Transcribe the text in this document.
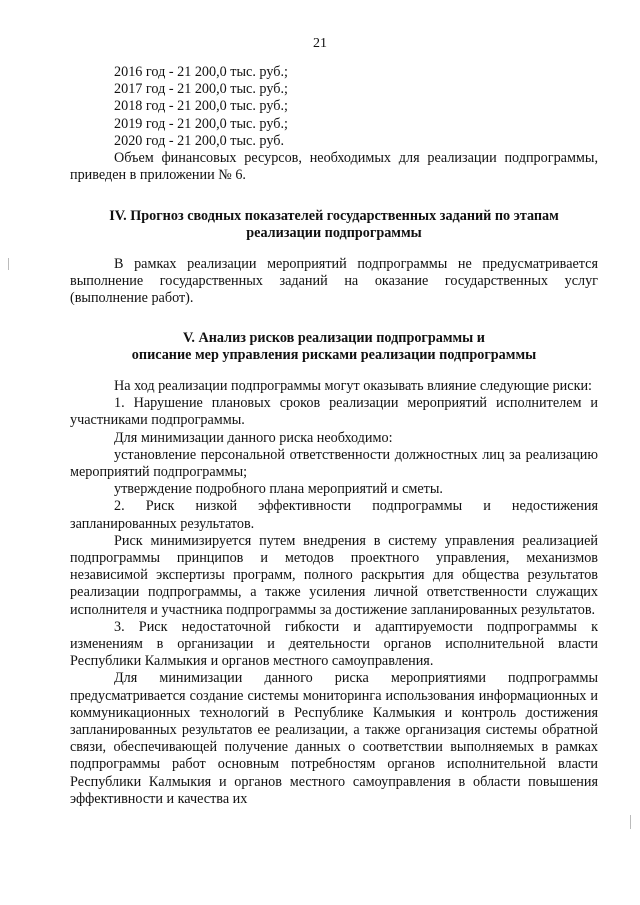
21
2016 год - 21 200,0 тыс. руб.;
2017 год - 21 200,0 тыс. руб.;
2018 год - 21 200,0 тыс. руб.;
2019 год - 21 200,0 тыс. руб.;
2020 год - 21 200,0 тыс. руб.

Объем финансовых ресурсов, необходимых для реализации подпрограммы, приведен в приложении № 6.

IV. Прогноз сводных показателей государственных заданий по этапам
реализации подпрограммы

В рамках реализации мероприятий подпрограммы не предусматривается выполнение государственных заданий на оказание государственных услуг (выполнение работ).

V. Анализ рисков реализации подпрограммы и
описание мер управления рисками реализации подпрограммы

На ход реализации подпрограммы могут оказывать влияние следующие риски:

1. Нарушение плановых сроков реализации мероприятий исполнителем и участниками подпрограммы.

Для минимизации данного риска необходимо:

установление персональной ответственности должностных лиц за реализацию мероприятий подпрограммы;

утверждение подробного плана мероприятий и сметы.

2. Риск низкой эффективности подпрограммы и недостижения запланированных результатов.

Риск минимизируется путем внедрения в систему управления реализацией подпрограммы принципов и методов проектного управления, механизмов независимой экспертизы программ, полного раскрытия для общества результатов реализации подпрограммы, а также усиления личной ответственности служащих исполнителя и участника подпрограммы за достижение запланированных результатов.

3. Риск недостаточной гибкости и адаптируемости подпрограммы к изменениям в организации и деятельности органов исполнительной власти Республики Калмыкия и органов местного самоуправления.

Для минимизации данного риска мероприятиями подпрограммы предусматривается создание системы мониторинга использования информационных и коммуникационных технологий в Республике Калмыкия и контроль достижения запланированных результатов ее реализации, а также организация системы обратной связи, обеспечивающей получение данных о соответствии выполняемых в рамках подпрограммы работ основным потребностям органов исполнительной власти Республики Калмыкия и органов местного самоуправления в области повышения эффективности и качества их
